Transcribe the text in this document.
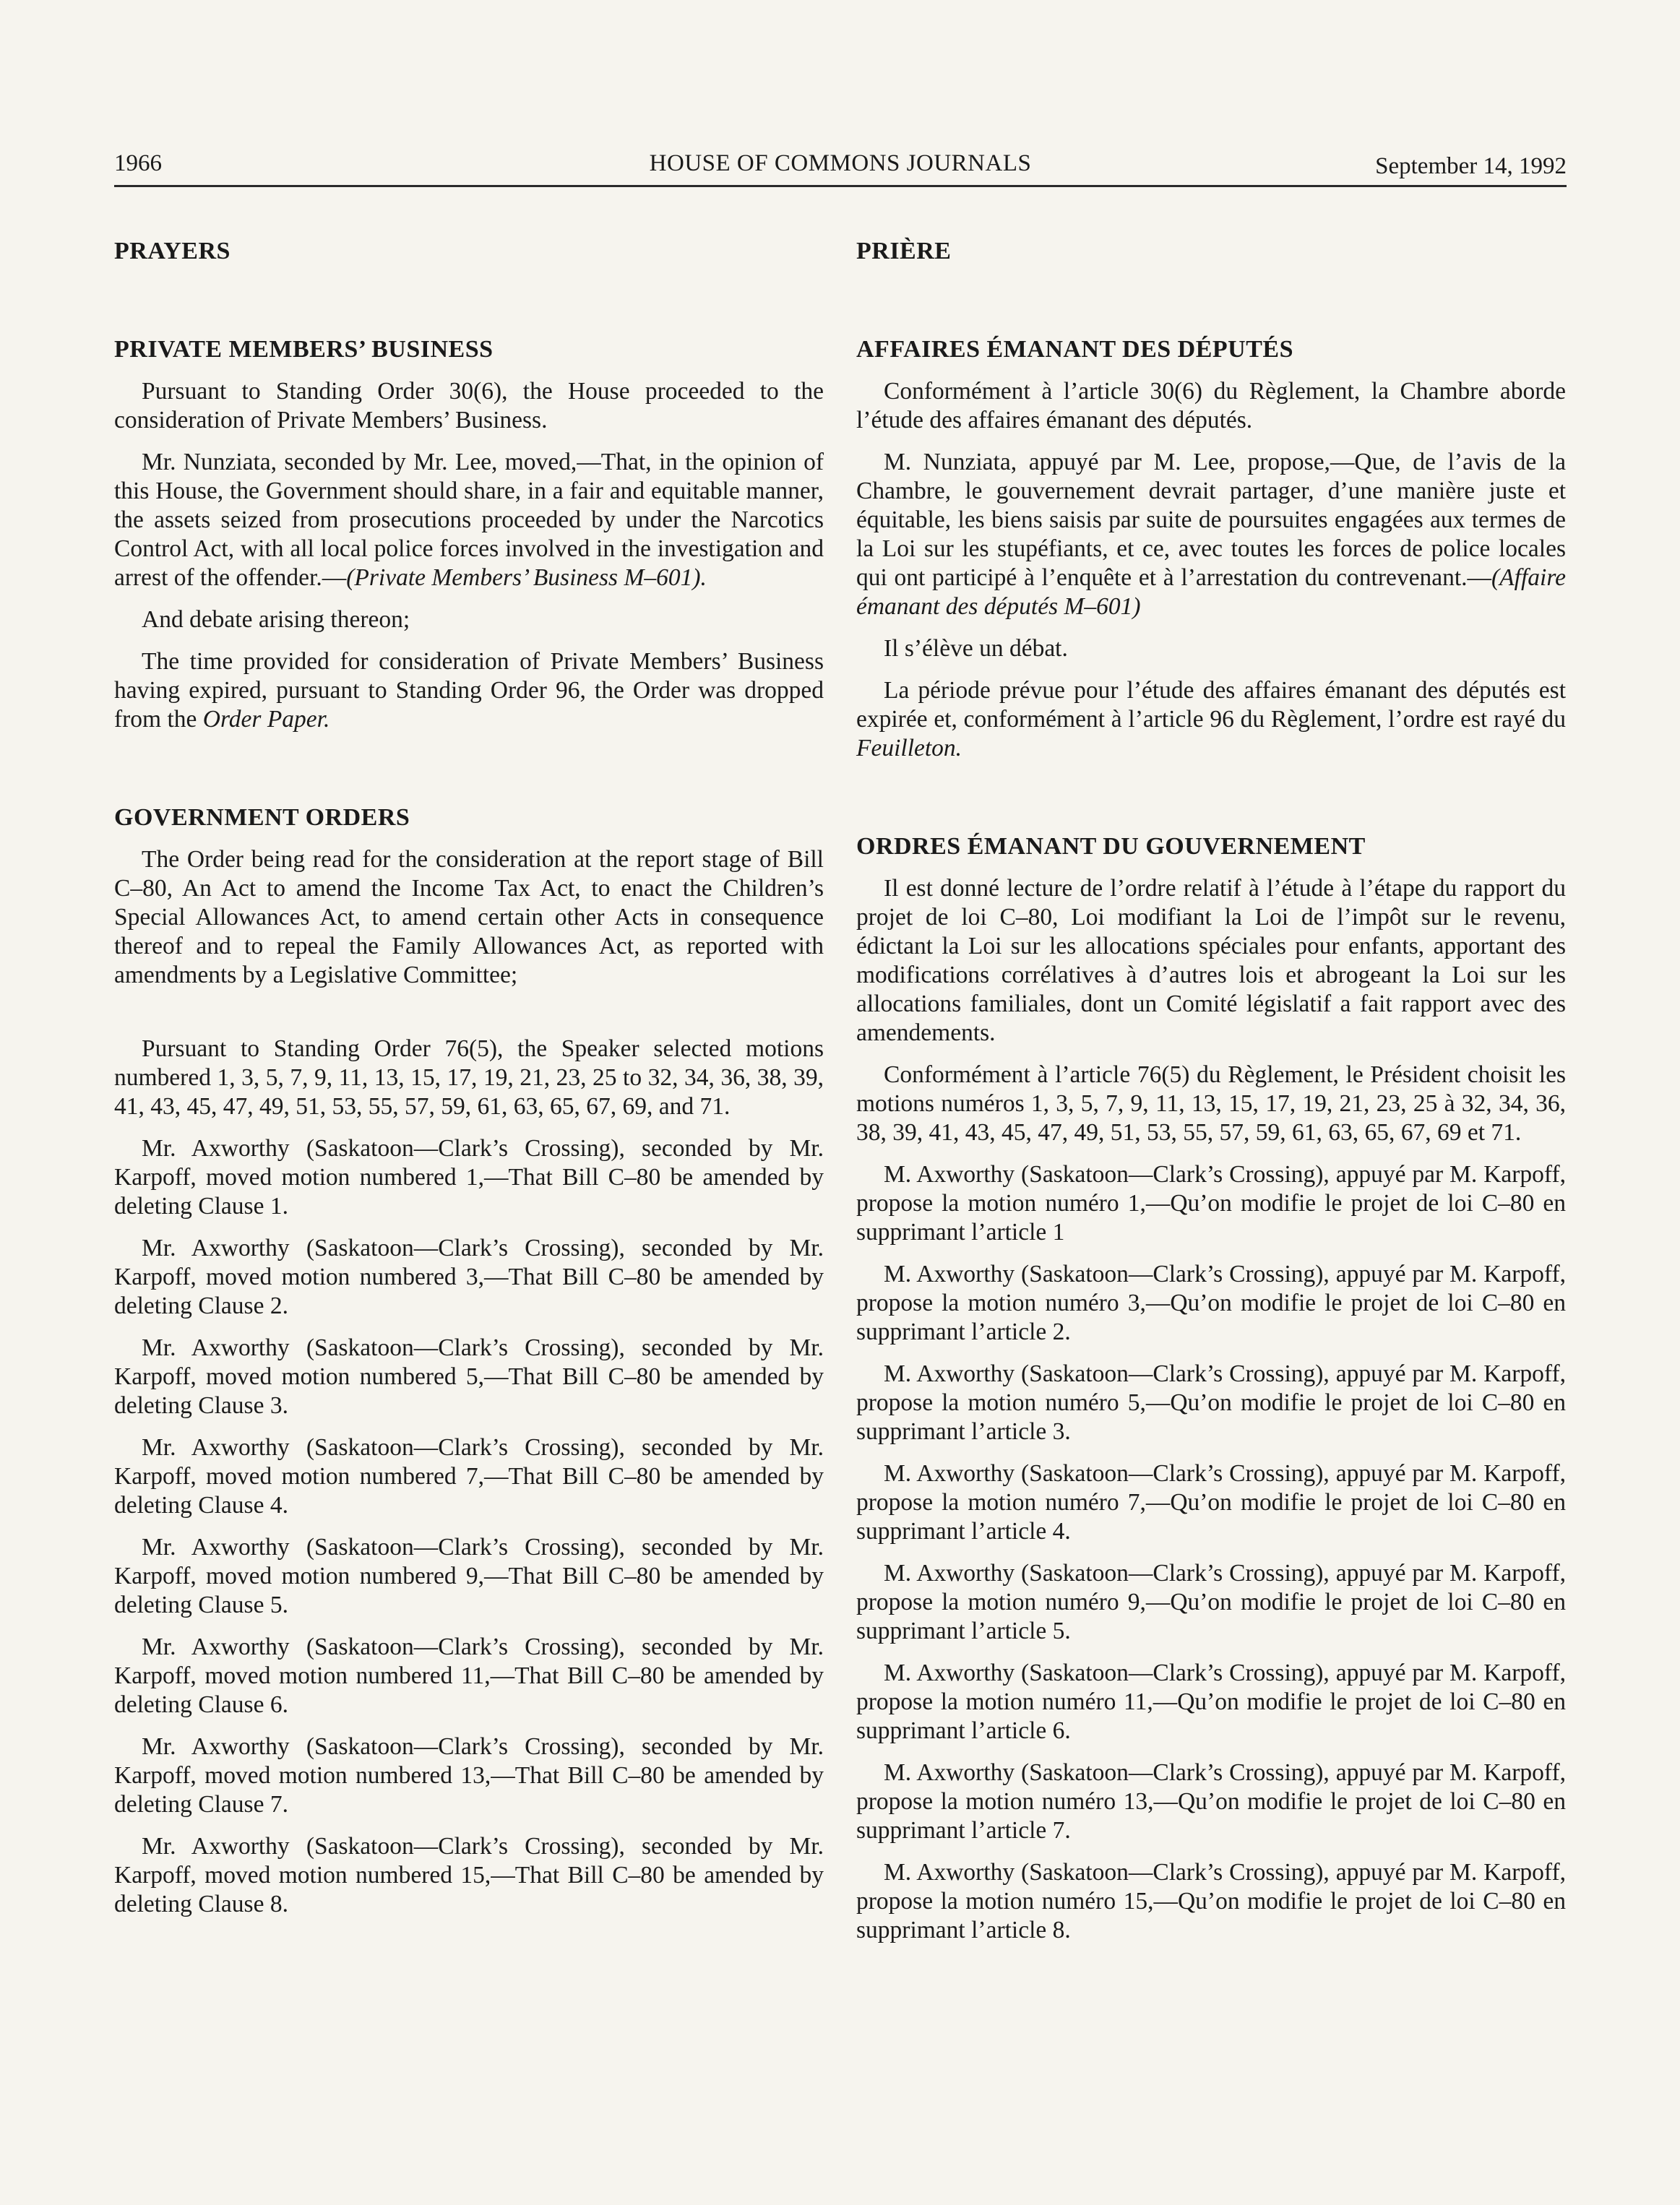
1966	HOUSE OF COMMONS JOURNALS	September 14, 1992
PRAYERS
PRIVATE MEMBERS’ BUSINESS

Pursuant to Standing Order 30(6), the House proceeded to the consideration of Private Members’ Business.

Mr. Nunziata, seconded by Mr. Lee, moved,—That, in the opinion of this House, the Government should share, in a fair and equitable manner, the assets seized from prosecutions proceeded by under the Narcotics Control Act, with all local police forces involved in the investigation and arrest of the offender.—(Private Members’ Business M–601).

And debate arising thereon;

The time provided for consideration of Private Members’ Business having expired, pursuant to Standing Order 96, the Order was dropped from the Order Paper.

GOVERNMENT ORDERS

The Order being read for the consideration at the report stage of Bill C–80, An Act to amend the Income Tax Act, to enact the Children’s Special Allowances Act, to amend certain other Acts in consequence thereof and to repeal the Family Allowances Act, as reported with amendments by a Legislative Committee;

Pursuant to Standing Order 76(5), the Speaker selected motions numbered 1, 3, 5, 7, 9, 11, 13, 15, 17, 19, 21, 23, 25 to 32, 34, 36, 38, 39, 41, 43, 45, 47, 49, 51, 53, 55, 57, 59, 61, 63, 65, 67, 69, and 71.

Mr. Axworthy (Saskatoon—Clark’s Crossing), seconded by Mr. Karpoff, moved motion numbered 1,—That Bill C–80 be amended by deleting Clause 1.

Mr. Axworthy (Saskatoon—Clark’s Crossing), seconded by Mr. Karpoff, moved motion numbered 3,—That Bill C–80 be amended by deleting Clause 2.

Mr. Axworthy (Saskatoon—Clark’s Crossing), seconded by Mr. Karpoff, moved motion numbered 5,—That Bill C–80 be amended by deleting Clause 3.

Mr. Axworthy (Saskatoon—Clark’s Crossing), seconded by Mr. Karpoff, moved motion numbered 7,—That Bill C–80 be amended by deleting Clause 4.

Mr. Axworthy (Saskatoon—Clark’s Crossing), seconded by Mr. Karpoff, moved motion numbered 9,—That Bill C–80 be amended by deleting Clause 5.

Mr. Axworthy (Saskatoon—Clark’s Crossing), seconded by Mr. Karpoff, moved motion numbered 11,—That Bill C–80 be amended by deleting Clause 6.

Mr. Axworthy (Saskatoon—Clark’s Crossing), seconded by Mr. Karpoff, moved motion numbered 13,—That Bill C–80 be amended by deleting Clause 7.

Mr. Axworthy (Saskatoon—Clark’s Crossing), seconded by Mr. Karpoff, moved motion numbered 15,—That Bill C–80 be amended by deleting Clause 8.

PRIÈRE
AFFAIRES ÉMANANT DES DÉPUTÉS

Conformément à l’article 30(6) du Règlement, la Chambre aborde l’étude des affaires émanant des députés.

M. Nunziata, appuyé par M. Lee, propose,—Que, de l’avis de la Chambre, le gouvernement devrait partager, d’une manière juste et équitable, les biens saisis par suite de poursuites engagées aux termes de la Loi sur les stupéfiants, et ce, avec toutes les forces de police locales qui ont participé à l’enquête et à l’arrestation du contrevenant.—(Affaire émanant des députés M–601)

Il s’élève un débat.

La période prévue pour l’étude des affaires émanant des députés est expirée et, conformément à l’article 96 du Règlement, l’ordre est rayé du Feuilleton.

ORDRES ÉMANANT DU GOUVERNEMENT

Il est donné lecture de l’ordre relatif à l’étude à l’étape du rapport du projet de loi C–80, Loi modifiant la Loi de l’impôt sur le revenu, édictant la Loi sur les allocations spéciales pour enfants, apportant des modifications corrélatives à d’autres lois et abrogeant la Loi sur les allocations familiales, dont un Comité législatif a fait rapport avec des amendements.

Conformément à l’article 76(5) du Règlement, le Président choisit les motions numéros 1, 3, 5, 7, 9, 11, 13, 15, 17, 19, 21, 23, 25 à 32, 34, 36, 38, 39, 41, 43, 45, 47, 49, 51, 53, 55, 57, 59, 61, 63, 65, 67, 69 et 71.

M. Axworthy (Saskatoon—Clark’s Crossing), appuyé par M. Karpoff, propose la motion numéro 1,—Qu’on modifie le projet de loi C–80 en supprimant l’article 1

M. Axworthy (Saskatoon—Clark’s Crossing), appuyé par M. Karpoff, propose la motion numéro 3,—Qu’on modifie le projet de loi C–80 en supprimant l’article 2.

M. Axworthy (Saskatoon—Clark’s Crossing), appuyé par M. Karpoff, propose la motion numéro 5,—Qu’on modifie le projet de loi C–80 en supprimant l’article 3.

M. Axworthy (Saskatoon—Clark’s Crossing), appuyé par M. Karpoff, propose la motion numéro 7,—Qu’on modifie le projet de loi C–80 en supprimant l’article 4.

M. Axworthy (Saskatoon—Clark’s Crossing), appuyé par M. Karpoff, propose la motion numéro 9,—Qu’on modifie le projet de loi C–80 en supprimant l’article 5.

M. Axworthy (Saskatoon—Clark’s Crossing), appuyé par M. Karpoff, propose la motion numéro 11,—Qu’on modifie le projet de loi C–80 en supprimant l’article 6.

M. Axworthy (Saskatoon—Clark’s Crossing), appuyé par M. Karpoff, propose la motion numéro 13,—Qu’on modifie le projet de loi C–80 en supprimant l’article 7.

M. Axworthy (Saskatoon—Clark’s Crossing), appuyé par M. Karpoff, propose la motion numéro 15,—Qu’on modifie le projet de loi C–80 en supprimant l’article 8.
